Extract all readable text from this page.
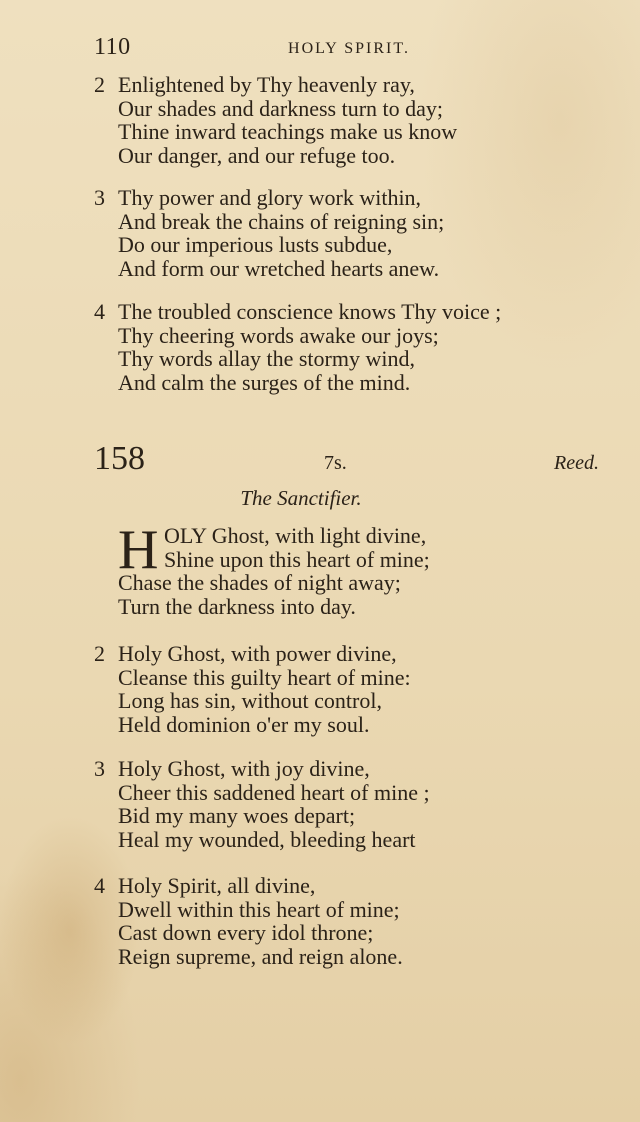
110	HOLY SPIRIT.
2 Enlightened by Thy heavenly ray,
Our shades and darkness turn to day;
Thine inward teachings make us know
Our danger, and our refuge too.
3 Thy power and glory work within,
And break the chains of reigning sin;
Do our imperious lusts subdue,
And form our wretched hearts anew.
4 The troubled conscience knows Thy voice ;
Thy cheering words awake our joys;
Thy words allay the stormy wind,
And calm the surges of the mind.
158	7s.	Reed.
The Sanctifier.
H OLY Ghost, with light divine,
Shine upon this heart of mine;
Chase the shades of night away;
Turn the darkness into day.
2 Holy Ghost, with power divine,
Cleanse this guilty heart of mine:
Long has sin, without control,
Held dominion o'er my soul.
3 Holy Ghost, with joy divine,
Cheer this saddened heart of mine ;
Bid my many woes depart;
Heal my wounded, bleeding heart
4 Holy Spirit, all divine,
Dwell within this heart of mine;
Cast down every idol throne;
Reign supreme, and reign alone.
